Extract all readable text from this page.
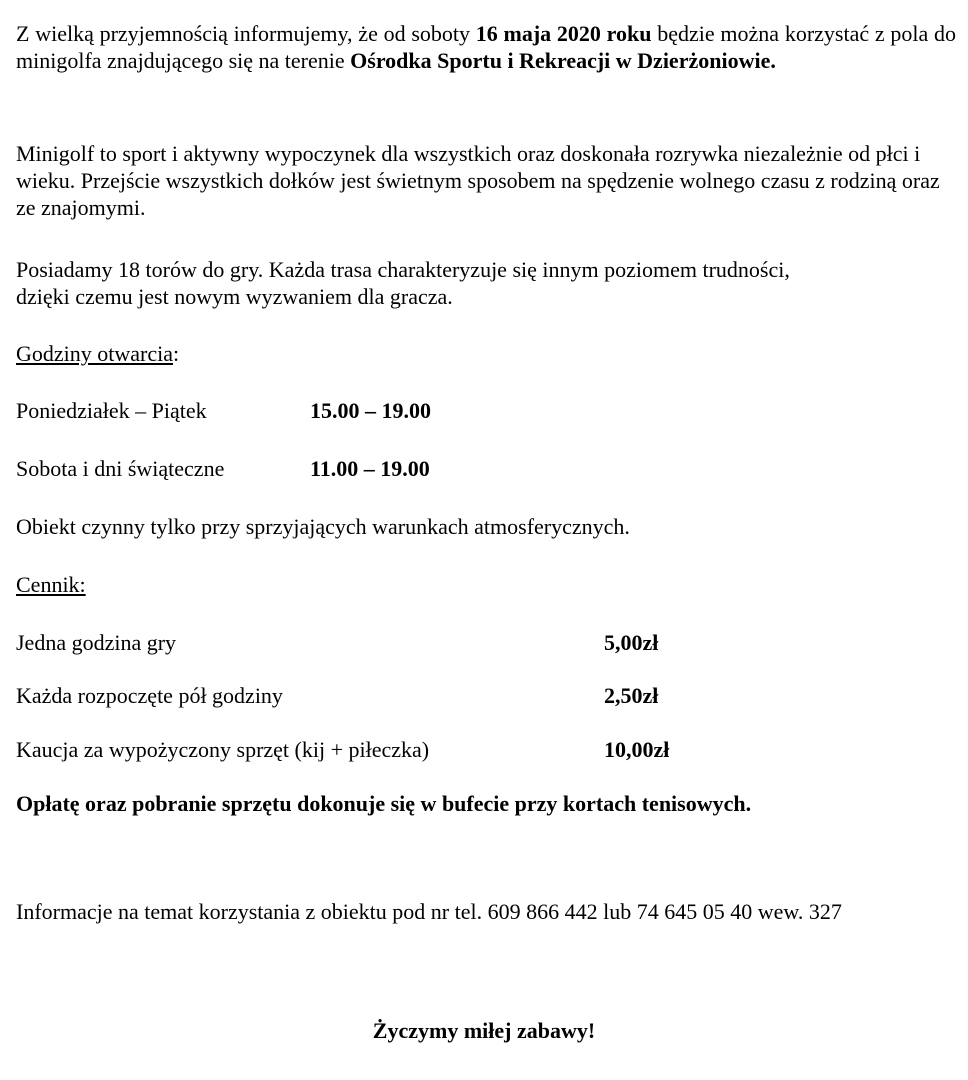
Z wielką przyjemnością informujemy, że od soboty 16 maja 2020 roku będzie można korzystać z pola do minigolfa znajdującego się na terenie Ośrodka Sportu i Rekreacji w Dzierżoniowie.

Minigolf to sport i aktywny wypoczynek dla wszystkich oraz doskonała rozrywka niezależnie od płci i wieku. Przejście wszystkich dołków jest świetnym sposobem na spędzenie wolnego czasu z rodziną oraz ze znajomymi.

Posiadamy 18 torów do gry. Każda trasa charakteryzuje się innym poziomem trudności,
dzięki czemu jest nowym wyzwaniem dla gracza.

Godziny otwarcia:

Poniedziałek – Piątek	15.00 – 19.00
Sobota i dni świąteczne	11.00 – 19.00

Obiekt czynny tylko przy sprzyjających warunkach atmosferycznych.

Cennik:

Jedna godzina gry	5,00zł
Każda rozpoczęte pół godziny	2,50zł
Kaucja za wypożyczony sprzęt (kij + piłeczka)	10,00zł

Opłatę oraz pobranie sprzętu dokonuje się w bufecie przy kortach tenisowych.

Informacje na temat korzystania z obiektu pod nr tel. 609 866 442 lub 74 645 05 40 wew. 327

Życzymy miłej zabawy!
